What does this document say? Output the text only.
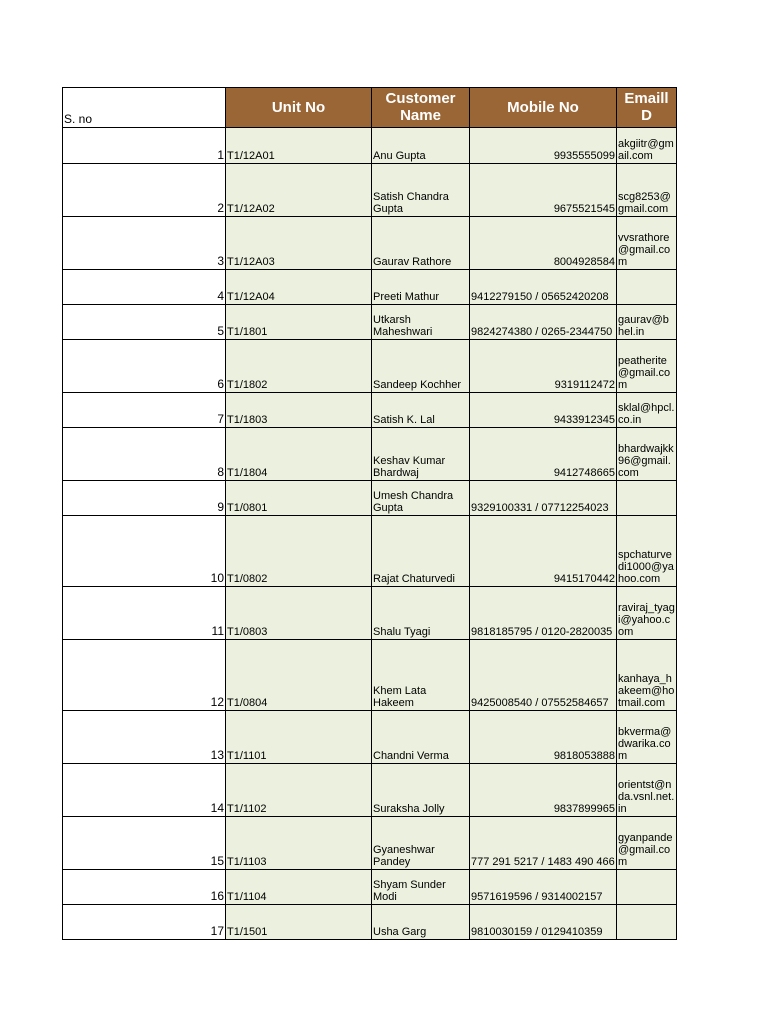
S. no	Unit No	Customer Name	Mobile No	Emaill D
1	T1/12A01	Anu Gupta	9935555099	akgiitr@gmail.com
2	T1/12A02	Satish Chandra Gupta	9675521545	scg8253@gmail.com
3	T1/12A03	Gaurav Rathore	8004928584	vvsrathore@gmail.com
4	T1/12A04	Preeti Mathur	9412279150 / 05652420208	
5	T1/1801	Utkarsh Maheshwari	9824274380 / 0265-2344750	gaurav@bhel.in
6	T1/1802	Sandeep Kochher	9319112472	peatherite@gmail.com
7	T1/1803	Satish K. Lal	9433912345	sklal@hpcl.co.in
8	T1/1804	Keshav Kumar Bhardwaj	9412748665	bhardwajkk96@gmail.com
9	T1/0801	Umesh Chandra Gupta	9329100331 / 07712254023	
10	T1/0802	Rajat Chaturvedi	9415170442	spchaturvedi1000@yahoo.com
11	T1/0803	Shalu Tyagi	9818185795 / 0120-2820035	raviraj_tyagi@yahoo.com
12	T1/0804	Khem Lata Hakeem	9425008540 / 07552584657	kanhaya_hakeem@hotmail.com
13	T1/1101	Chandni Verma	9818053888	bkverma@dwarika.com
14	T1/1102	Suraksha Jolly	9837899965	orientst@nda.vsnl.net.in
15	T1/1103	Gyaneshwar Pandey	777 291 5217 / 1483 490 466	gyanpande@gmail.com
16	T1/1104	Shyam Sunder Modi	9571619596 / 9314002157	
17	T1/1501	Usha Garg	9810030159 / 0129410359	
